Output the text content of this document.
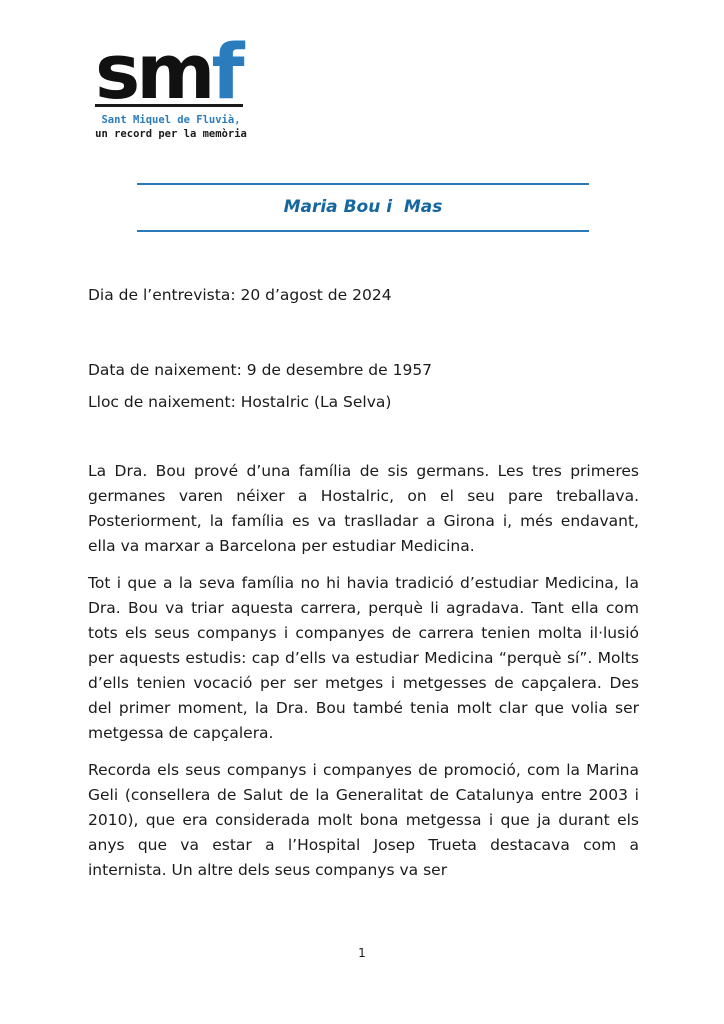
smf
Sant Miquel de Fluvià,
un record per la memòria
Maria Bou i  Mas
Dia de l’entrevista: 20 d’agost de 2024
Data de naixement: 9 de desembre de 1957
Lloc de naixement: Hostalric (La Selva)

La Dra. Bou prové d’una família de sis germans. Les tres primeres germanes varen néixer a Hostalric, on el seu pare treballava. Posteriorment, la família es va traslladar a Girona i, més endavant, ella va marxar a Barcelona per estudiar Medicina.

Tot i que a la seva família no hi havia tradició d’estudiar Medicina, la Dra. Bou va triar aquesta carrera, perquè li agradava. Tant ella com tots els seus companys i companyes de carrera tenien molta il·lusió per aquests estudis: cap d’ells va estudiar Medicina “perquè sí”. Molts d’ells tenien vocació per ser metges i metgesses de capçalera. Des del primer moment, la Dra. Bou també tenia molt clar que volia ser metgessa de capçalera.

Recorda els seus companys i companyes de promoció, com la Marina Geli (consellera de Salut de la Generalitat de Catalunya entre 2003 i 2010), que era considerada molt bona metgessa i que ja durant els anys que va estar a l’Hospital Josep Trueta destacava com a internista. Un altre dels seus companys va ser

1
